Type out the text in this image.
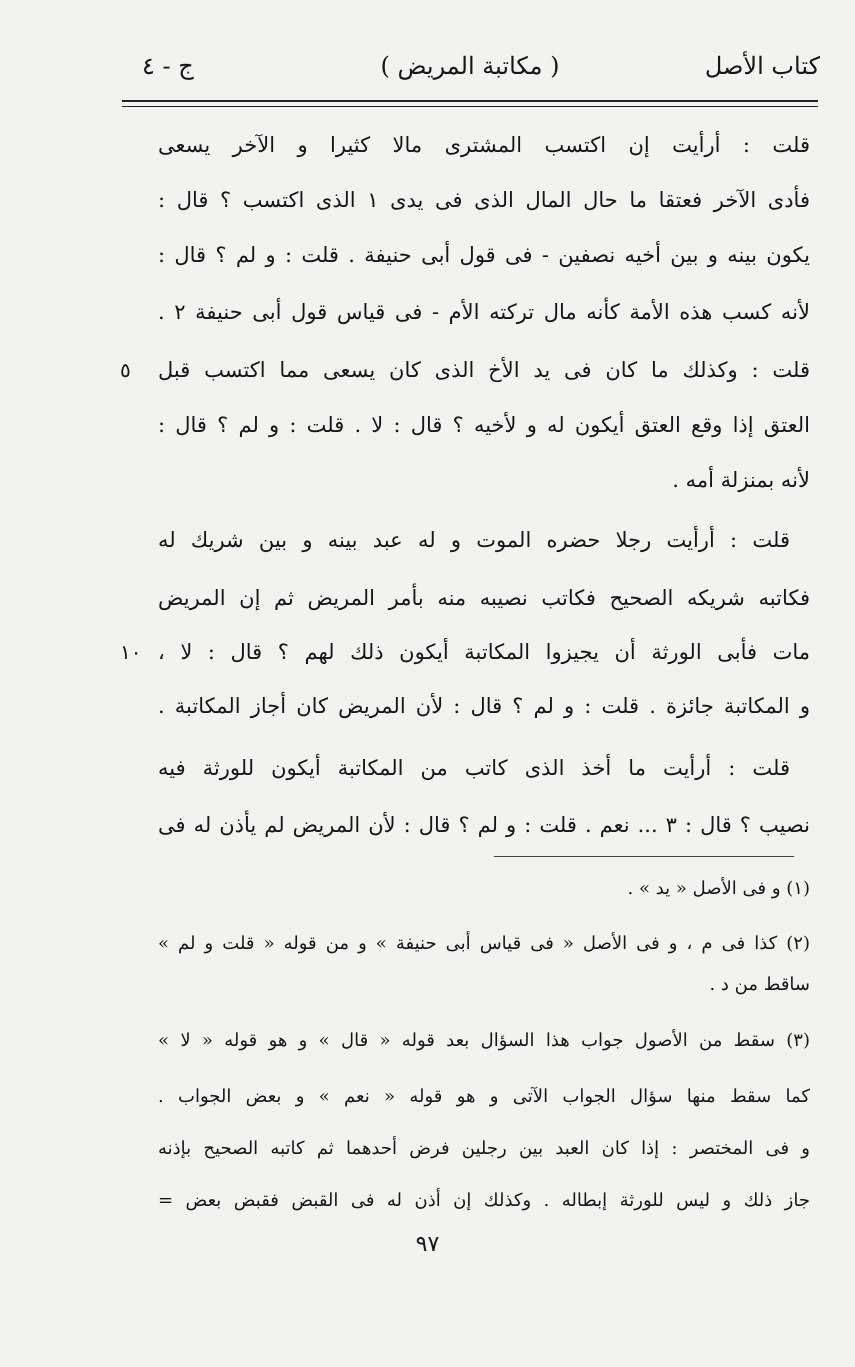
كتاب الأصل
( مكاتبة المريض )
ج - ٤
قلت : أرأيت إن اكتسب المشترى مالا كثيرا و الآخر يسعى
فأدى الآخر فعتقا ما حال المال الذى فى يدى ١ الذى اكتسب ؟ قال :
يكون بينه و بين أخيه نصفين - فى قول أبى حنيفة . قلت : و لم ؟ قال :
لأنه كسب هذه الأمة كأنه مال تركته الأم - فى قياس قول أبى حنيفة ٢ .
قلت : وكذلك ما كان فى يد الأخ الذى كان يسعى مما اكتسب قبل
٥
العتق إذا وقع العتق أيكون له و لأخيه ؟ قال : لا . قلت : و لم ؟ قال :
لأنه بمنزلة أمه .
قلت : أرأيت رجلا حضره الموت و له عبد بينه و بين شريك له
فكاتبه شريكه الصحيح فكاتب نصيبه منه بأمر المريض ثم إن المريض
مات فأبى الورثة أن يجيزوا المكاتبة أيكون ذلك لهم ؟ قال : لا ،
١٠
و المكاتبة جائزة . قلت : و لم ؟ قال : لأن المريض كان أجاز المكاتبة .
قلت : أرأيت ما أخذ الذى كاتب من المكاتبة أيكون للورثة فيه
نصيب ؟ قال : ٣ ... نعم . قلت : و لم ؟ قال : لأن المريض لم يأذن له فى
(١) و فى الأصل « يد » .
(٢) كذا فى م ، و فى الأصل « فى قياس أبى حنيفة » و من قوله « قلت و لم »
ساقط من د .
(٣) سقط من الأصول جواب هذا السؤال بعد قوله « قال » و هو قوله « لا »
كما سقط منها سؤال الجواب الآتى و هو قوله « نعم » و بعض الجواب .
و فى المختصر : إذا كان العبد بين رجلين فرض أحدهما ثم كاتبه الصحيح بإذنه
جاز ذلك و ليس للورثة إبطاله . وكذلك إن أذن له فى القبض فقبض بعض =
٩٧
